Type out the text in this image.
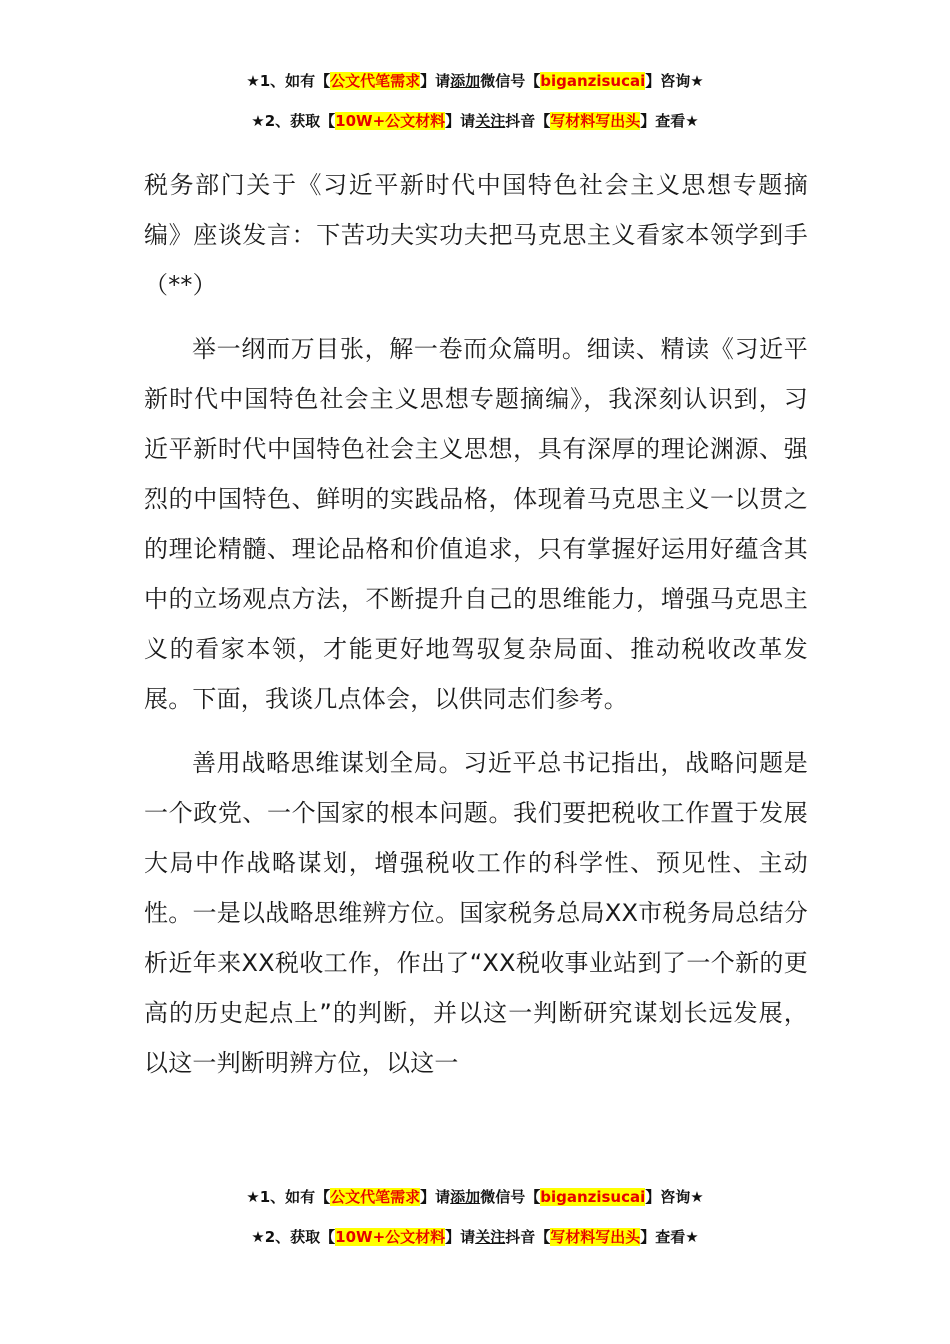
★1、如有【公文代笔需求】请添加微信号【biganzisucai】咨询★
★2、获取【10W+公文材料】请关注抖音【写材料写出头】查看★

税务部门关于《习近平新时代中国特色社会主义思想专题摘编》座谈发言：下苦功夫实功夫把马克思主义看家本领学到手（**）

举一纲而万目张，解一卷而众篇明。细读、精读《习近平新时代中国特色社会主义思想专题摘编》，我深刻认识到，习近平新时代中国特色社会主义思想，具有深厚的理论渊源、强烈的中国特色、鲜明的实践品格，体现着马克思主义一以贯之的理论精髓、理论品格和价值追求，只有掌握好运用好蕴含其中的立场观点方法，不断提升自己的思维能力，增强马克思主义的看家本领，才能更好地驾驭复杂局面、推动税收改革发展。下面，我谈几点体会，以供同志们参考。

善用战略思维谋划全局。习近平总书记指出，战略问题是一个政党、一个国家的根本问题。我们要把税收工作置于发展大局中作战略谋划，增强税收工作的科学性、预见性、主动性。一是以战略思维辨方位。国家税务总局XX市税务局总结分析近年来XX税收工作，作出了“XX税收事业站到了一个新的更高的历史起点上”的判断，并以这一判断研究谋划长远发展，以这一判断明辨方位，以这一

★1、如有【公文代笔需求】请添加微信号【biganzisucai】咨询★
★2、获取【10W+公文材料】请关注抖音【写材料写出头】查看★
